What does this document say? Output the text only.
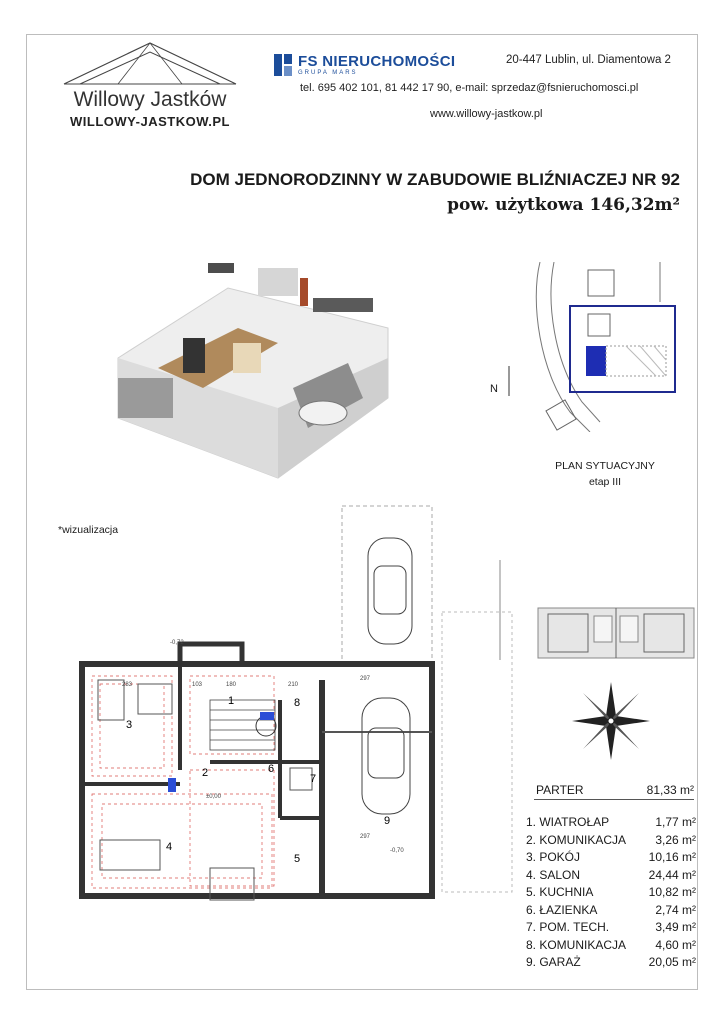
Willowy Jastków
WILLOWY-JASTKOW.PL
FS NIERUCHOMOŚCI
GRUPA MARS
20-447 Lublin, ul. Diamentowa 2
tel. 695 402 101, 81 442 17 90, e-mail: sprzedaz@fsnieruchomosci.pl
www.willowy-jastkow.pl
DOM JEDNORODZINNY W ZABUDOWIE BLIŹNIACZEJ NR 92
pow. użytkowa 146,32m²
*wizualizacja
N
PLAN SYTUACYJNY
etap III
1
2
3
4
5
6
7
8
9
-0,72
±0,00
-0,70
297
297
283	103	180	210
PARTER	81,33 m²
1. WIATROŁAP	1,77 m²
2. KOMUNIKACJA 3,26 m²
3. POKÓJ	10,16 m²
4. SALON	24,44 m²
5. KUCHNIA	10,82 m²
6. ŁAZIENKA	2,74 m²
7. POM. TECH.	3,49 m²
8. KOMUNIKACJA 4,60 m²
9. GARAŻ	20,05 m²
